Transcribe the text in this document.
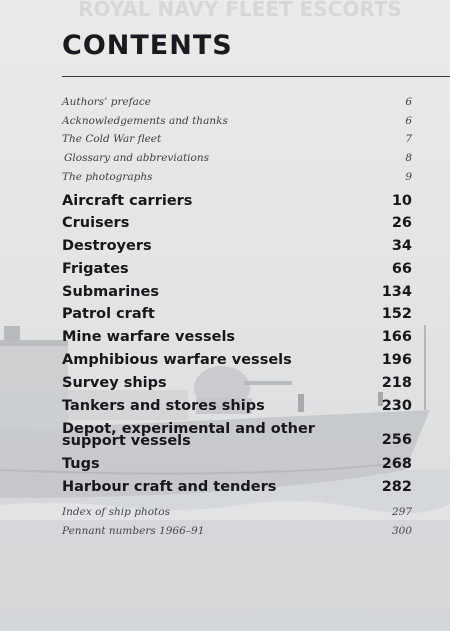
ROYAL NAVY FLEET ESCORTS
CONTENTS
Authors’ preface	6
Acknowledgements and thanks	6
The Cold War fleet	7
Glossary and abbreviations	8
The photographs	9
Aircraft carriers	10
Cruisers	26
Destroyers	34
Frigates	66
Submarines	134
Patrol craft	152
Mine warfare vessels	166
Amphibious warfare vessels	196
Survey ships	218
Tankers and stores ships	230
Depot, experimental and other support vessels	256
Tugs	268
Harbour craft and tenders	282
Index of ship photos	297
Pennant numbers 1966–91	300
